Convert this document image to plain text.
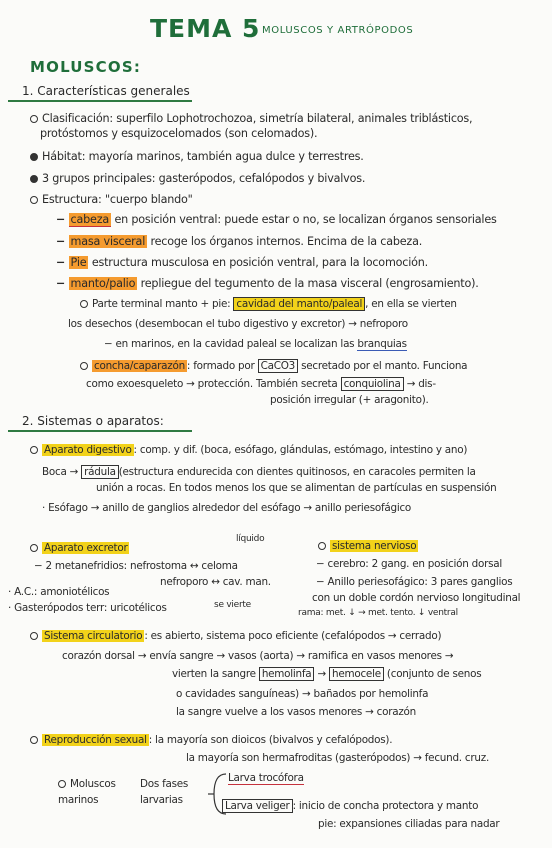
TEMA 5 MOLUSCOS Y ARTRÓPODOS
MOLUSCOS:
1. Características generales
Clasificación: superfilo Lophotrochozoa, simetría bilateral, animales triblásticos,
protóstomos y esquizocelomados (son celomados).
Hábitat: mayoría marinos, también agua dulce y terrestres.
3 grupos principales: gasterópodos, cefalópodos y bivalvos.
Estructura: "cuerpo blando"
− cabeza en posición ventral: puede estar o no, se localizan órganos sensoriales
− masa visceral recoge los órganos internos. Encima de la cabeza.
− Pie estructura musculosa en posición ventral, para la locomoción.
− manto/palio repliegue del tegumento de la masa visceral (engrosamiento).
Parte terminal manto + pie: cavidad del manto/paleal , en ella se vierten
los desechos (desembocan el tubo digestivo y excretor) → nefroporo
− en marinos, en la cavidad paleal se localizan las branquias
concha/caparazón : formado por CaCO3 secretado por el manto. Funciona
como exoesqueleto → protección. También secreta conquiolina → dis-
posición irregular (+ aragonito).
2. Sistemas o aparatos:
Aparato digestivo : comp. y dif. (boca, esófago, glándulas, estómago, intestino y ano)
Boca → rádula (estructura endurecida con dientes quitinosos, en caracoles permiten la
unión a rocas. En todos menos los que se alimentan de partículas en suspensión
· Esófago → anillo de ganglios alrededor del esófago → anillo periesofágico
Aparato excretor
líquido
− 2 metanefridios: nefrostoma ↔ celoma
nefroporo ↔ cav. man.
· A.C.: amoniotélicos
· Gasterópodos terr: uricotélicos	se vierte
sistema nervioso
− cerebro: 2 gang. en posición dorsal
− Anillo periesofágico: 3 pares ganglios
con un doble cordón nervioso longitudinal
rama: met. ↓ → met. tento. ↓ ventral
Sistema circulatorio : es abierto, sistema poco eficiente (cefalópodos → cerrado)
corazón dorsal → envía sangre → vasos (aorta) → ramifica en vasos menores →
vierten la sangre hemolinfa → hemocele (conjunto de senos
o cavidades sanguíneas) → bañados por hemolinfa
la sangre vuelve a los vasos menores → corazón
Reproducción sexual : la mayoría son dioicos (bivalvos y cefalópodos).
la mayoría son hermafroditas (gasterópodos) → fecund. cruz.
Moluscos marinos
Dos fases larvarias
Larva trocófora
Larva veliger : inicio de concha protectora y manto
pie: expansiones ciliadas para nadar
